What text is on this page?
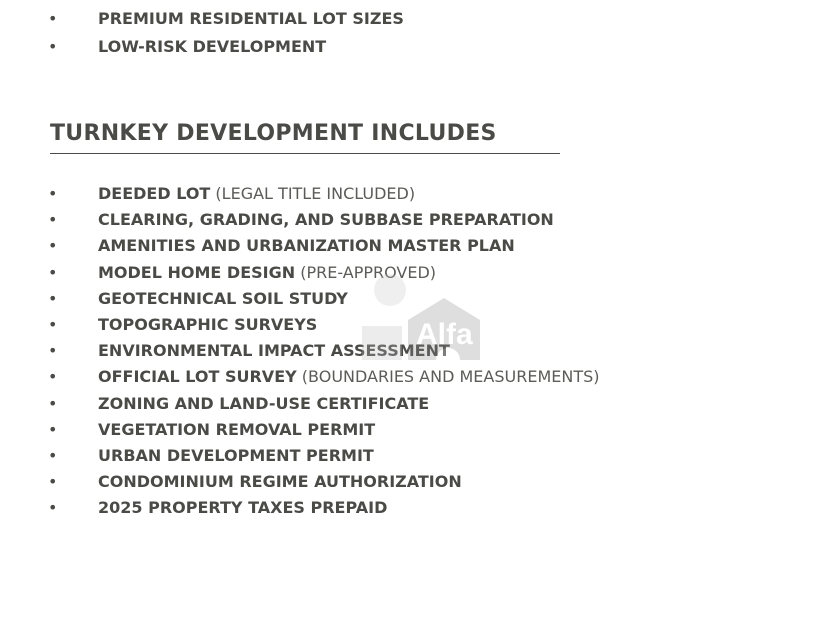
•	PREMIUM RESIDENTIAL LOT SIZES
•	LOW-RISK DEVELOPMENT
TURNKEY DEVELOPMENT INCLUDES
•	DEEDED LOT (LEGAL TITLE INCLUDED)
•	CLEARING, GRADING, AND SUBBASE PREPARATION
•	AMENITIES AND URBANIZATION MASTER PLAN
•	MODEL HOME DESIGN (PRE-APPROVED)
•	GEOTECHNICAL SOIL STUDY
•	TOPOGRAPHIC SURVEYS
•	ENVIRONMENTAL IMPACT ASSESSMENT
•	OFFICIAL LOT SURVEY (BOUNDARIES AND MEASUREMENTS)
•	ZONING AND LAND-USE CERTIFICATE
•	VEGETATION REMOVAL PERMIT
•	URBAN DEVELOPMENT PERMIT
•	CONDOMINIUM REGIME AUTHORIZATION
•	2025 PROPERTY TAXES PREPAID
Alfa
